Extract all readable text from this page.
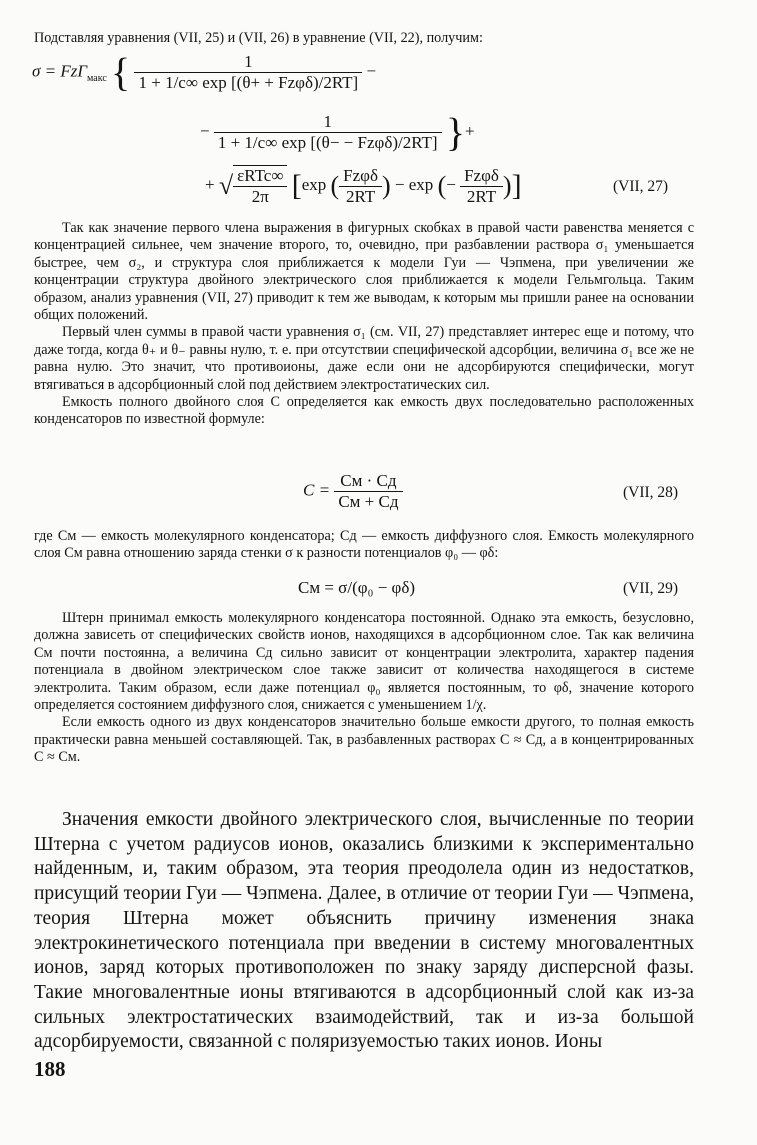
Подставляя уравнения (VII, 25) и (VII, 26) в уравнение (VII, 22), получим:

σ = FzΓ$_{макс}$ {	1
1 + 1/c∞ exp [(θ+ + Fzφδ)/2RT]
−
−	1
1 + 1/c∞ exp [(θ− − Fzφδ)/2RT] }+
+ √ εRTc∞
2π [exp ( Fzφδ
2RT ) − exp (− Fzφδ
2RT )]	(VII, 27)

Так как значение первого члена выражения в фигурных скобках в правой части равенства меняется с концентрацией сильнее, чем значение второго, то, очевидно, при разбавлении раствора σ₁ уменьшается быстрее, чем σ₂, и структура слоя приближается к модели Гуи — Чэпмена, при увеличении же концентрации структура двойного электрического слоя приближается к модели Гельмгольца. Таким образом, анализ уравнения (VII, 27) приводит к тем же выводам, к которым мы пришли ранее на основании общих положений.

Первый член суммы в правой части уравнения σ₁ (см. VII, 27) представляет интерес еще и потому, что даже тогда, когда θ₊ и θ₋ равны нулю, т. е. при отсутствии специфической адсорбции, величина σ₁ все же не равна нулю. Это значит, что противоионы, даже если они не адсорбируются специфически, могут втягиваться в адсорбционный слой под действием электростатических сил.

Емкость полного двойного слоя C определяется как емкость двух последовательно расположенных конденсаторов по известной формуле:

C = Cм · Cд
Cм + Cд	(VII, 28)

где Cм — емкость молекулярного конденсатора; Cд — емкость диффузного слоя. Емкость молекулярного слоя Cм равна отношению заряда стенки σ к разности потенциалов φ₀ — φδ:

Cм = σ/(φ₀ − φδ)	(VII, 29)

Штерн принимал емкость молекулярного конденсатора постоянной. Однако эта емкость, безусловно, должна зависеть от специфических свойств ионов, находящихся в адсорбционном слое. Так как величина Cм почти постоянна, а величина Cд сильно зависит от концентрации электролита, характер падения потенциала в двойном электрическом слое также зависит от количества находящегося в системе электролита. Таким образом, если даже потенциал φ₀ является постоянным, то φδ, значение которого определяется состоянием диффузного слоя, снижается с уменьшением 1/χ.

Если емкость одного из двух конденсаторов значительно больше емкости другого, то полная емкость практически равна меньшей составляющей. Так, в разбавленных растворах C ≈ Cд, а в концентрированных C ≈ Cм.

Значения емкости двойного электрического слоя, вычисленные по теории Штерна с учетом радиусов ионов, оказались близкими к экспериментально найденным, и, таким образом, эта теория преодолела один из недостатков, присущий теории Гуи — Чэпмена. Далее, в отличие от теории Гуи — Чэпмена, теория Штерна может объяснить причину изменения знака электрокинетического потенциала при введении в систему многовалентных ионов, заряд которых противоположен по знаку заряду дисперсной фазы. Такие многовалентные ионы втягиваются в адсорбционный слой как из-за сильных электростатических взаимодействий, так и из-за большой адсорбируемости, связанной с поляризуемостью таких ионов. Ионы

188
